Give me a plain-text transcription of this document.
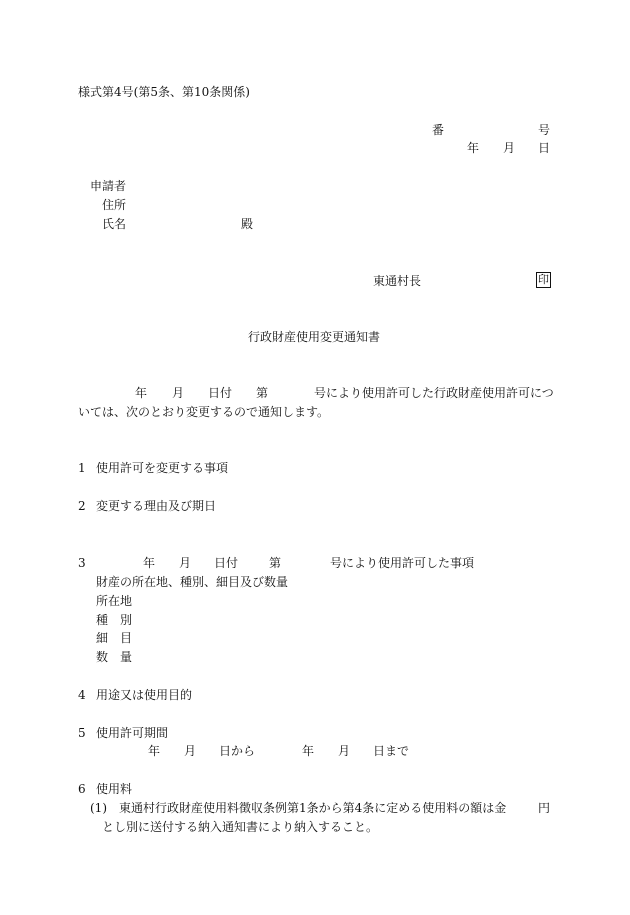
様式第4号(第5条、第10条関係)
番	号
年 月 日
申請者
住所
氏名	殿
東通村長	印
行政財産使用変更通知書
年 月 日付 第	号により使用許可した行政財産使用許可につ
いては、次のとおり変更するので通知します。
1 使用許可を変更する事項
2 変更する理由及び期日
3	年 月 日付	第	号により使用許可した事項
財産の所在地、種別、細目及び数量
所在地
種　別
細　目
数　量
4 用途又は使用目的
5 使用許可期間
年 月 日から	年 月 日まで
6 使用料
(1) 東通村行政財産使用料徴収条例第1条から第4条に定める使用料の額は金	円
とし別に送付する納入通知書により納入すること。
